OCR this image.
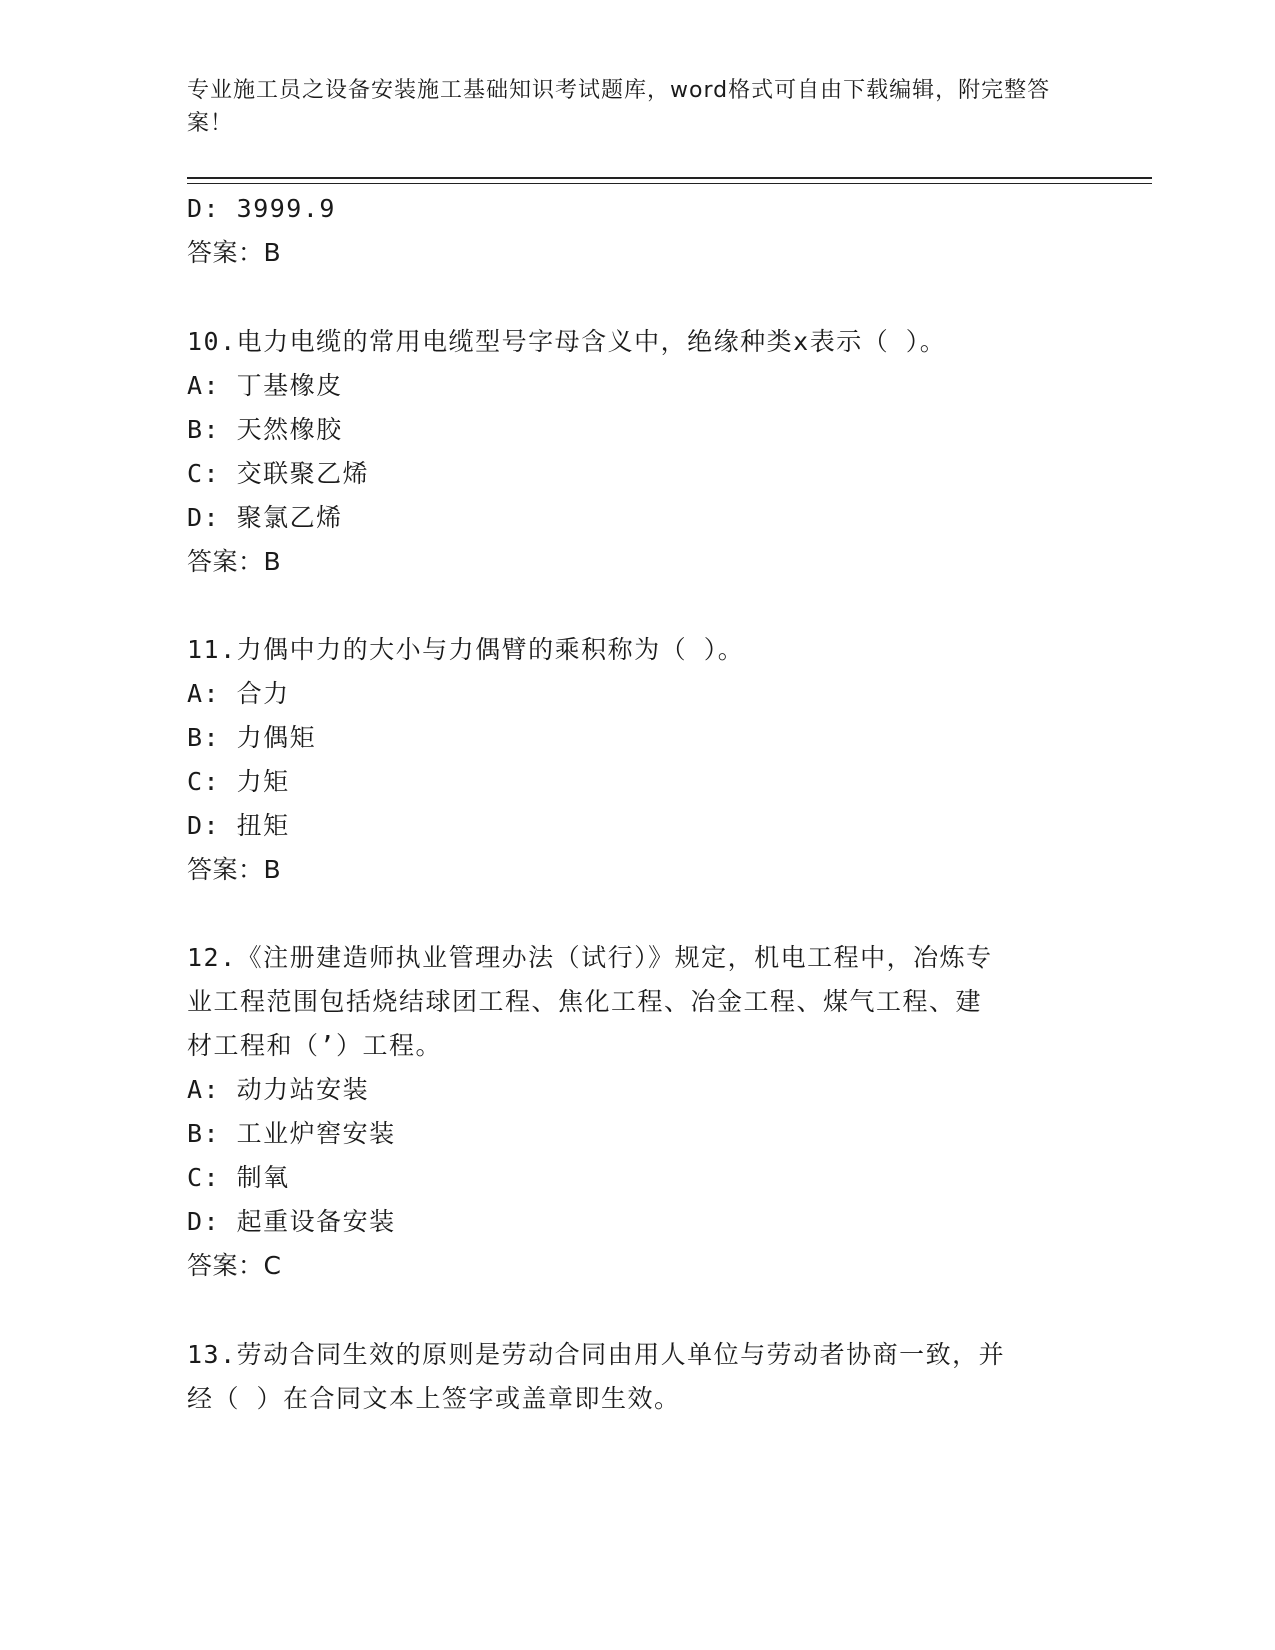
专业施工员之设备安装施工基础知识考试题库，word格式可自由下载编辑，附完整答案！
D: 3999.9
答案：B
10.电力电缆的常用电缆型号字母含义中，绝缘种类x表示（ ）。
A: 丁基橡皮
B: 天然橡胶
C: 交联聚乙烯
D: 聚氯乙烯
答案：B
11.力偶中力的大小与力偶臂的乘积称为（ ）。
A: 合力
B: 力偶矩
C: 力矩
D: 扭矩
答案：B
12.《注册建造师执业管理办法（试行）》规定，机电工程中，冶炼专
业工程范围包括烧结球团工程、焦化工程、冶金工程、煤气工程、建
材工程和（’）工程。
A: 动力站安装
B: 工业炉窖安装
C: 制氧
D: 起重设备安装
答案：C
13.劳动合同生效的原则是劳动合同由用人单位与劳动者协商一致，并
经（ ）在合同文本上签字或盖章即生效。
